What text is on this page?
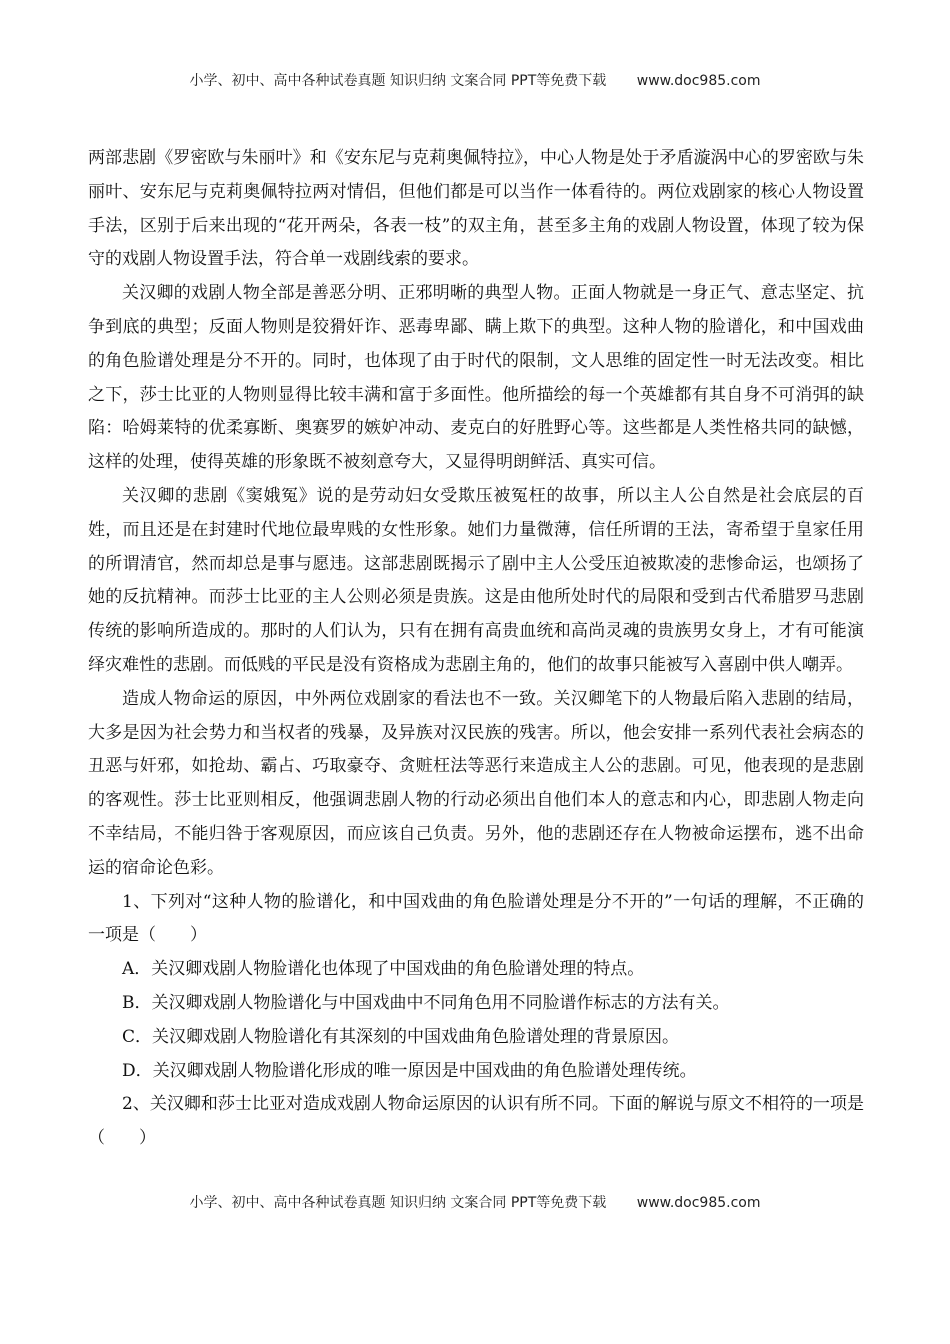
小学、初中、高中各种试卷真题 知识归纳 文案合同 PPT等免费下载 www.doc985.com

两部悲剧《罗密欧与朱丽叶》和《安东尼与克莉奥佩特拉》，中心人物是处于矛盾漩涡中心的罗密欧与朱丽叶、安东尼与克莉奥佩特拉两对情侣，但他们都是可以当作一体看待的。两位戏剧家的核心人物设置手法，区别于后来出现的“花开两朵，各表一枝”的双主角，甚至多主角的戏剧人物设置，体现了较为保守的戏剧人物设置手法，符合单一戏剧线索的要求。

关汉卿的戏剧人物全部是善恶分明、正邪明晰的典型人物。正面人物就是一身正气、意志坚定、抗争到底的典型；反面人物则是狡猾奸诈、恶毒卑鄙、瞒上欺下的典型。这种人物的脸谱化，和中国戏曲的角色脸谱处理是分不开的。同时，也体现了由于时代的限制，文人思维的固定性一时无法改变。相比之下，莎士比亚的人物则显得比较丰满和富于多面性。他所描绘的每一个英雄都有其自身不可消弭的缺陷：哈姆莱特的优柔寡断、奥赛罗的嫉妒冲动、麦克白的好胜野心等。这些都是人类性格共同的缺憾，这样的处理，使得英雄的形象既不被刻意夸大，又显得明朗鲜活、真实可信。

关汉卿的悲剧《窦娥冤》说的是劳动妇女受欺压被冤枉的故事，所以主人公自然是社会底层的百姓，而且还是在封建时代地位最卑贱的女性形象。她们力量微薄，信任所谓的王法，寄希望于皇家任用的所谓清官，然而却总是事与愿违。这部悲剧既揭示了剧中主人公受压迫被欺凌的悲惨命运，也颂扬了她的反抗精神。而莎士比亚的主人公则必须是贵族。这是由他所处时代的局限和受到古代希腊罗马悲剧传统的影响所造成的。那时的人们认为，只有在拥有高贵血统和高尚灵魂的贵族男女身上，才有可能演绎灾难性的悲剧。而低贱的平民是没有资格成为悲剧主角的，他们的故事只能被写入喜剧中供人嘲弄。

造成人物命运的原因，中外两位戏剧家的看法也不一致。关汉卿笔下的人物最后陷入悲剧的结局，大多是因为社会势力和当权者的残暴，及异族对汉民族的残害。所以，他会安排一系列代表社会病态的丑恶与奸邪，如抢劫、霸占、巧取豪夺、贪赃枉法等恶行来造成主人公的悲剧。可见，他表现的是悲剧的客观性。莎士比亚则相反，他强调悲剧人物的行动必须出自他们本人的意志和内心，即悲剧人物走向不幸结局，不能归咎于客观原因，而应该自己负责。另外，他的悲剧还存在人物被命运摆布，逃不出命运的宿命论色彩。

1、下列对“这种人物的脸谱化，和中国戏曲的角色脸谱处理是分不开的”一句话的理解，不正确的一项是（　　）

A．关汉卿戏剧人物脸谱化也体现了中国戏曲的角色脸谱处理的特点。

B．关汉卿戏剧人物脸谱化与中国戏曲中不同角色用不同脸谱作标志的方法有关。

C．关汉卿戏剧人物脸谱化有其深刻的中国戏曲角色脸谱处理的背景原因。

D．关汉卿戏剧人物脸谱化形成的唯一原因是中国戏曲的角色脸谱处理传统。

2、关汉卿和莎士比亚对造成戏剧人物命运原因的认识有所不同。下面的解说与原文不相符的一项是（　　）

小学、初中、高中各种试卷真题 知识归纳 文案合同 PPT等免费下载 www.doc985.com
